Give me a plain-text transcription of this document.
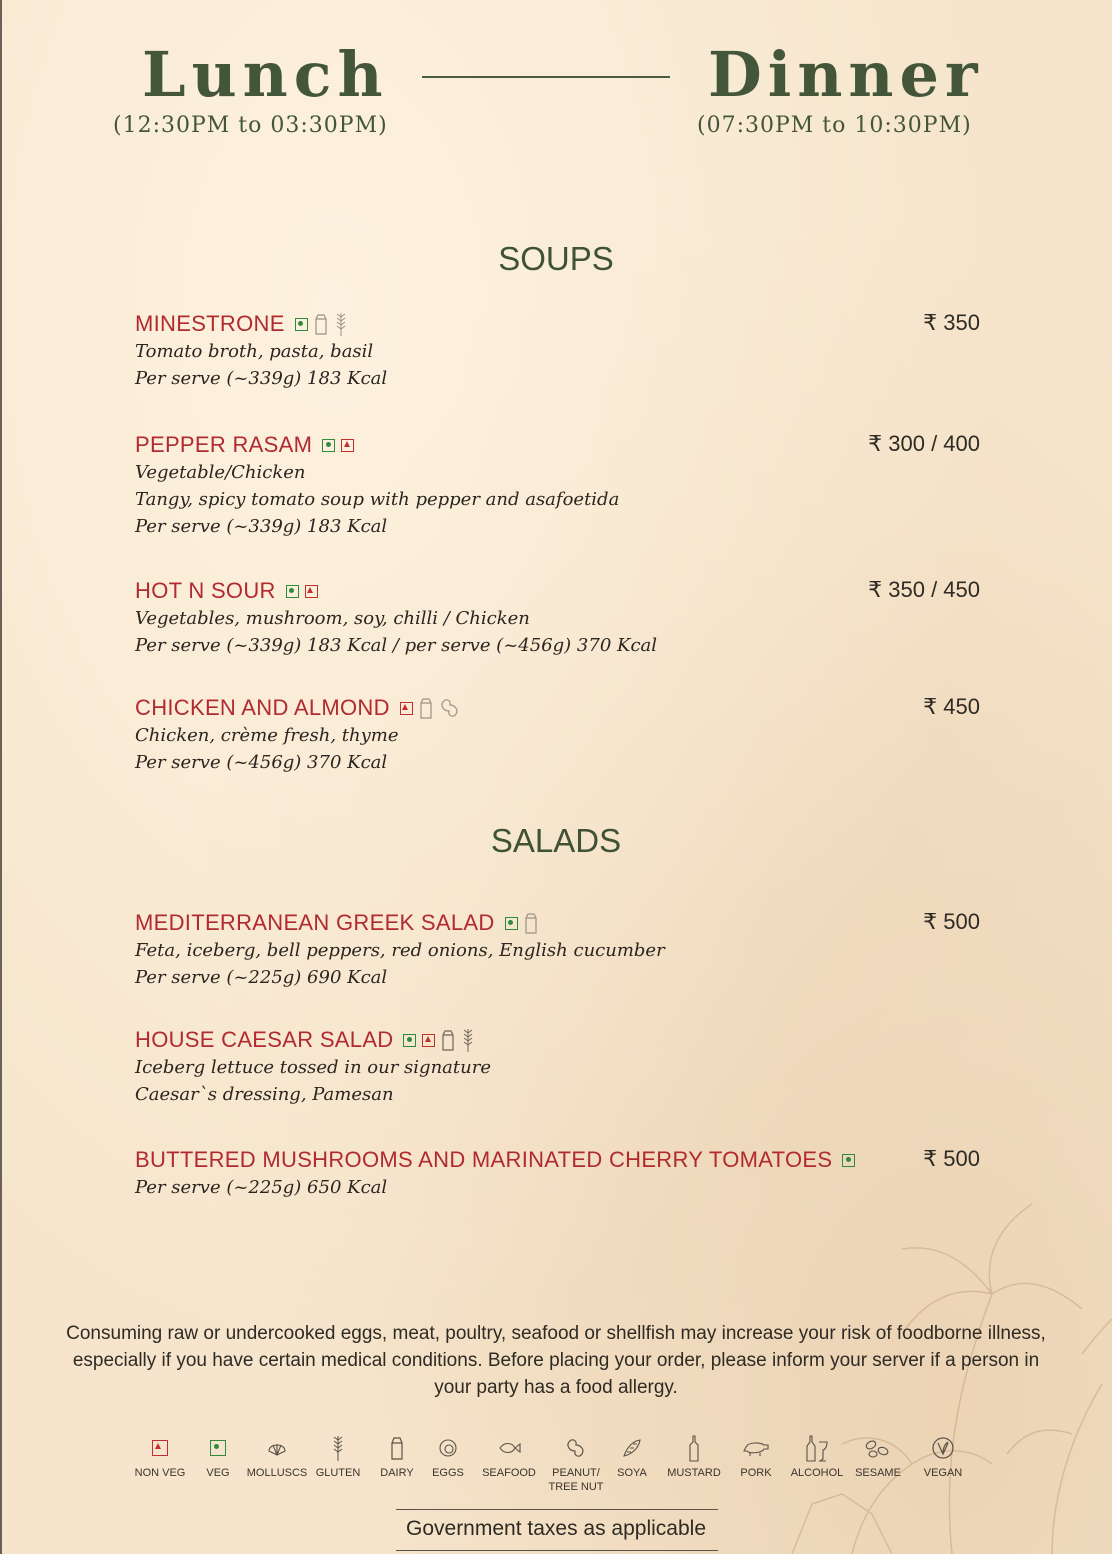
Lunch
(12:30PM to 03:30PM)
Dinner
(07:30PM to 10:30PM)
SOUPS
MINESTRONE	₹ 350
Tomato broth, pasta, basil
Per serve (~339g) 183 Kcal
PEPPER RASAM	₹ 300 / 400
Vegetable/Chicken
Tangy, spicy tomato soup with pepper and asafoetida
Per serve (~339g) 183 Kcal
HOT N SOUR	₹ 350 / 450
Vegetables, mushroom, soy, chilli / Chicken
Per serve (~339g) 183 Kcal / per serve (~456g) 370 Kcal
CHICKEN AND ALMOND	₹ 450
Chicken, crème fresh, thyme
Per serve (~456g) 370 Kcal
SALADS
MEDITERRANEAN GREEK SALAD	₹ 500
Feta, iceberg, bell peppers, red onions, English cucumber
Per serve (~225g) 690 Kcal
HOUSE CAESAR SALAD
Iceberg lettuce tossed in our signature
Caesar`s dressing, Pamesan
BUTTERED MUSHROOMS AND MARINATED CHERRY TOMATOES	₹ 500
Per serve (~225g) 650 Kcal
Consuming raw or undercooked eggs, meat, poultry, seafood or shellfish may increase your risk of foodborne illness, especially if you have certain medical conditions. Before placing your order, please inform your server if a person in your party has a food allergy.
NON VEG	VEG	MOLLUSCS GLUTEN	DAIRY	EGGS	SEAFOOD	PEANUT/
TREE NUT
SOYA	MUSTARD	PORK	ALCOHOL	SESAME	VEGAN
Government taxes as applicable
